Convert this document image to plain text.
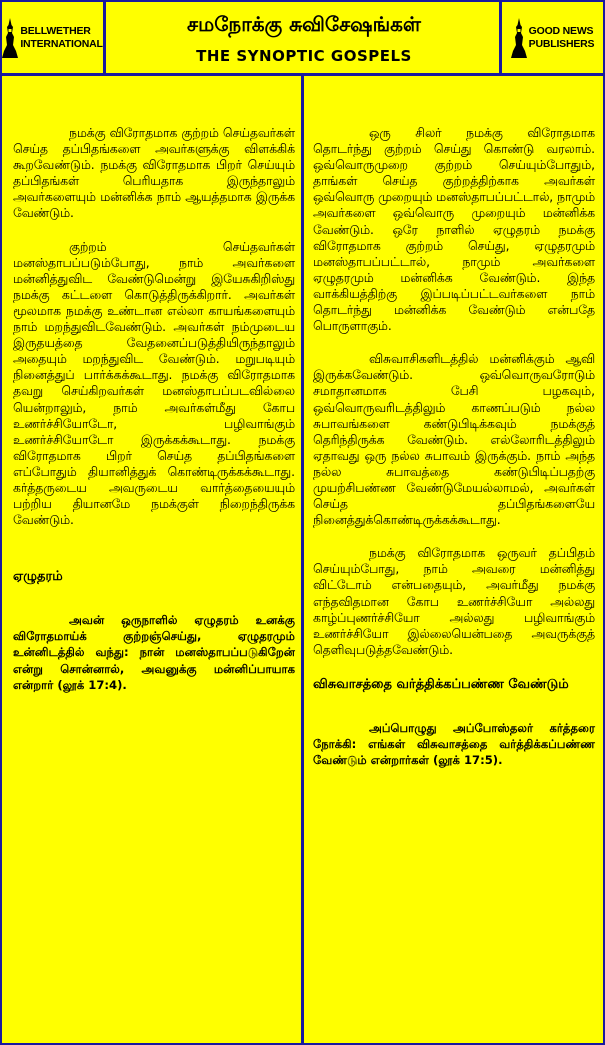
BELLWETHER
INTERNATIONAL
சமநோக்கு சுவிசேஷங்கள்
THE SYNOPTIC GOSPELS
GOOD NEWS
PUBLISHERS

நமக்கு விரோதமாக குற்றம் செய்தவர்கள் செய்த தப்பிதங்களை அவர்களுக்கு விளக்கிக் கூறவேண்டும். நமக்கு விரோதமாக பிறர் செய்யும் தப்பிதங்கள் பெரியதாக இருந்தாலும் அவர்களையும் மன்னிக்க நாம் ஆயத்தமாக இருக்க வேண்டும்.

குற்றம் செய்தவர்கள் மனஸ்தாபப்படும்போது, நாம் அவர்களை மன்னித்துவிட வேண்டுமென்று இயேசுகிறிஸ்து நமக்கு கட்டளை கொடுத்திருக்கிறார். அவர்கள் மூலமாக நமக்கு உண்டான எல்லா காயங்களையும் நாம் மறந்துவிடவேண்டும். அவர்கள் நம்முடைய இருதயத்தை வேதனைப்படுத்தியிருந்தாலும் அதையும் மறந்துவிட வேண்டும். மறுபடியும் நினைத்துப் பார்க்கக்கூடாது. நமக்கு விரோதமாக தவறு செய்கிறவர்கள் மனஸ்தாபப்படவில்லை யென்றாலும், நாம் அவர்கள்மீது கோப உணர்ச்சியோடோ, பழிவாங்கும் உணர்ச்சியோடோ இருக்கக்கூடாது. நமக்கு விரோதமாக பிறர் செய்த தப்பிதங்களை எப்போதும் தியானித்துக் கொண்டிருக்கக்கூடாது. கர்த்தருடைய அவருடைய வார்த்தையையும் பற்றிய தியானமே நமக்குள் நிறைந்திருக்க வேண்டும்.

ஏழுதரம்

அவன் ஒருநாளில் ஏழுதரம் உனக்கு விரோதமாய்க் குற்றஞ்செய்து, ஏழுதரமும் உன்னிடத்தில் வந்து: நான் மனஸ்தாபப்படுகிறேன் என்று சொன்னால், அவனுக்கு மன்னிப்பாயாக என்றார் (லூக் 17:4).

ஒரு சிலர் நமக்கு விரோதமாக தொடர்ந்து குற்றம் செய்து கொண்டு வரலாம். ஒவ்வொருமுறை குற்றம் செய்யும்போதும், தாங்கள் செய்த குற்றத்திற்காக அவர்கள் ஒவ்வொரு முறையும் மனஸ்தாபப்பட்டால், நாமும் அவர்களை ஒவ்வொரு முறையும் மன்னிக்க வேண்டும். ஒரே நாளில் ஏழுதரம் நமக்கு விரோதமாக குற்றம் செய்து, ஏழுதரமும் மனஸ்தாபப்பட்டால், நாமும் அவர்களை ஏழுதரமும் மன்னிக்க வேண்டும். இந்த வாக்கியத்திற்கு இப்படிப்பட்டவர்களை நாம் தொடர்ந்து மன்னிக்க வேண்டும் என்பதே பொருளாகும்.

விசுவாசிகளிடத்தில் மன்னிக்கும் ஆவி இருக்கவேண்டும். ஒவ்வொருவரோடும் சமாதானமாக பேசி பழகவும், ஒவ்வொருவரிடத்திலும் காணப்படும் நல்ல சுபாவங்களை கண்டுபிடிக்கவும் நமக்குத் தெரிந்திருக்க வேண்டும். எல்லோரிடத்திலும் ஏதாவது ஒரு நல்ல சுபாவம் இருக்கும். நாம் அந்த நல்ல சுபாவத்தை கண்டுபிடிப்பதற்கு முயற்சிபண்ண வேண்டுமேயல்லாமல், அவர்கள் செய்த தப்பிதங்களையே நினைத்துக்கொண்டிருக்கக்கூடாது.

நமக்கு விரோதமாக ஒருவர் தப்பிதம் செய்யும்போது, நாம் அவரை மன்னித்து விட்டோம் என்பதையும், அவர்மீது நமக்கு எந்தவிதமான கோப உணர்ச்சியோ அல்லது காழ்ப்புணர்ச்சியோ அல்லது பழிவாங்கும் உணர்ச்சியோ இல்லையென்பதை அவருக்குத் தெளிவுபடுத்தவேண்டும்.

விசுவாசத்தை வர்த்திக்கப்பண்ண வேண்டும்

அப்பொழுது அப்போஸ்தலர் கர்த்தரை நோக்கி: எங்கள் விசுவாசத்தை வர்த்திக்கப்பண்ண வேண்டும் என்றார்கள் (லூக் 17:5).
